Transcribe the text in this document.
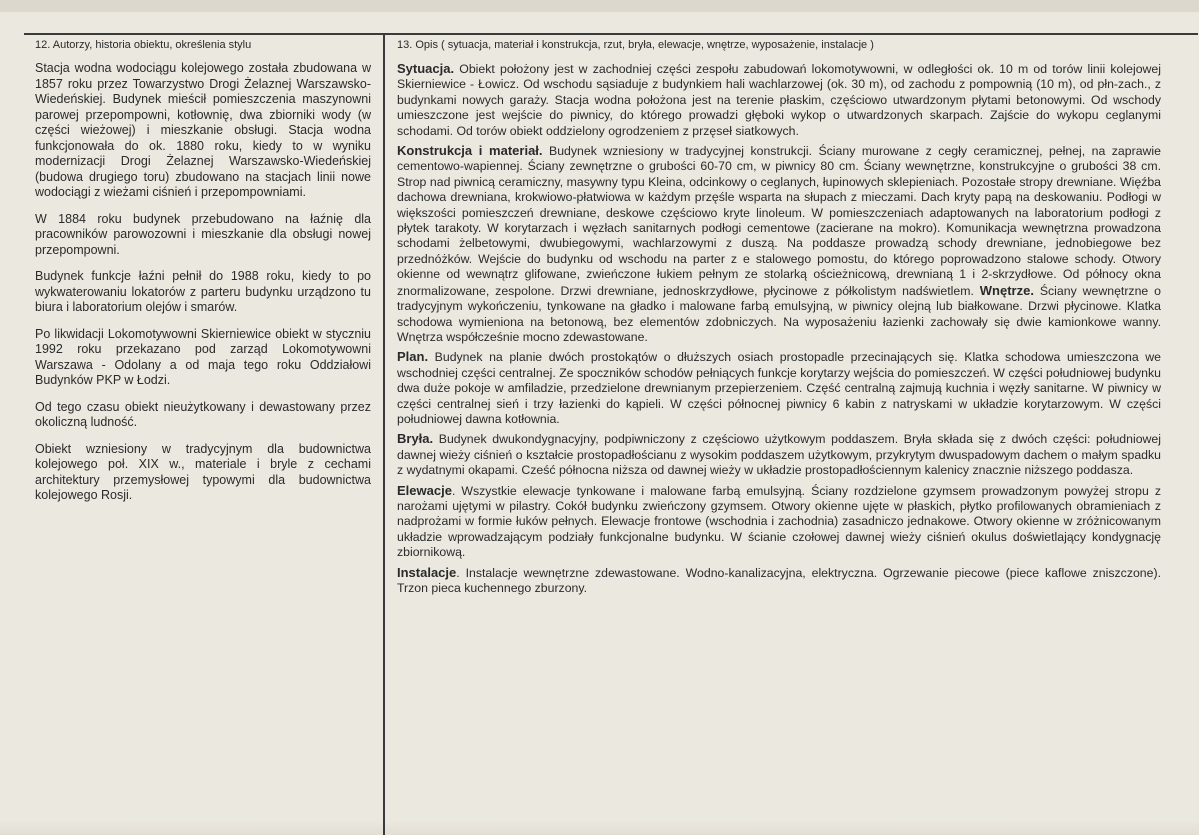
12. Autorzy, historia obiektu, określenia stylu

Stacja wodna wodociągu kolejowego została zbudowana w 1857 roku przez Towarzystwo Drogi Żelaznej Warszawsko-Wiedeńskiej. Budynek mieścił pomieszczenia maszynowni parowej przepompowni, kotłownię, dwa zbiorniki wody (w części wieżowej) i mieszkanie obsługi. Stacja wodna funkcjonowała do ok. 1880 roku, kiedy to w wyniku modernizacji Drogi Żelaznej Warszawsko-Wiedeńskiej (budowa drugiego toru) zbudowano na stacjach linii nowe wodociągi z wieżami ciśnień i przepompowniami.

W 1884 roku budynek przebudowano na łaźnię dla pracowników parowozowni i mieszkanie dla obsługi nowej przepompowni.

Budynek funkcje łaźni pełnił do 1988 roku, kiedy to po wykwaterowaniu lokatorów z parteru budynku urządzono tu biura i laboratorium olejów i smarów.

Po likwidacji Lokomotywowni Skierniewice obiekt w styczniu 1992 roku przekazano pod zarząd Lokomotywowni Warszawa - Odolany a od maja tego roku Oddziałowi Budynków PKP w Łodzi.

Od tego czasu obiekt nieużytkowany i dewastowany przez okoliczną ludność.

Obiekt wzniesiony w tradycyjnym dla budownictwa kolejowego poł. XIX w., materiale i bryle z cechami architektury przemysłowej typowymi dla budownictwa kolejowego Rosji.

13. Opis ( sytuacja, materiał i konstrukcja, rzut, bryła, elewacje, wnętrze, wyposażenie, instalacje )

Sytuacja. Obiekt położony jest w zachodniej części zespołu zabudowań lokomotywowni, w odległości ok. 10 m od torów linii kolejowej Skierniewice - Łowicz. Od wschodu sąsiaduje z budynkiem hali wachlarzowej (ok. 30 m), od zachodu z pompownią (10 m), od płn-zach., z budynkami nowych garaży. Stacja wodna położona jest na terenie płaskim, częściowo utwardzonym płytami betonowymi. Od wschody umieszczone jest wejście do piwnicy, do którego prowadzi głęboki wykop o utwardzonych skarpach. Zajście do wykopu ceglanymi schodami. Od torów obiekt oddzielony ogrodzeniem z przęseł siatkowych.

Konstrukcja i materiał. Budynek wzniesiony w tradycyjnej konstrukcji. Ściany murowane z cegły ceramicznej, pełnej, na zaprawie cementowo-wapiennej. Ściany zewnętrzne o grubości 60-70 cm, w piwnicy 80 cm. Ściany wewnętrzne, konstrukcyjne o grubości 38 cm. Strop nad piwnicą ceramiczny, masywny typu Kleina, odcinkowy o ceglanych, łupinowych sklepieniach. Pozostałe stropy drewniane. Więźba dachowa drewniana, krokwiowo-płatwiowa w każdym przęśle wsparta na słupach z mieczami. Dach kryty papą na deskowaniu. Podłogi w większości pomieszczeń drewniane, deskowe częściowo kryte linoleum. W pomieszczeniach adaptowanych na laboratorium podłogi z płytek tarakoty. W korytarzach i węzłach sanitarnych podłogi cementowe (zacierane na mokro). Komunikacja wewnętrzna prowadzona schodami żelbetowymi, dwubiegowymi, wachlarzowymi z duszą. Na poddasze prowadzą schody drewniane, jednobiegowe bez przednóżków. Wejście do budynku od wschodu na parter z e stalowego pomostu, do którego poprowadzono stalowe schody. Otwory okienne od wewnątrz glifowane, zwieńczone łukiem pełnym ze stolarką ościeżnicową, drewnianą 1 i 2-skrzydłowe. Od północy okna znormalizowane, zespolone. Drzwi drewniane, jednoskrzydłowe, płycinowe z półkolistym nadświetlem. Wnętrze. Ściany wewnętrzne o tradycyjnym wykończeniu, tynkowane na gładko i malowane farbą emulsyjną, w piwnicy olejną lub białkowane. Drzwi płycinowe. Klatka schodowa wymieniona na betonową, bez elementów zdobniczych. Na wyposażeniu łazienki zachowały się dwie kamionkowe wanny. Wnętrza współcześnie mocno zdewastowane.

Plan. Budynek na planie dwóch prostokątów o dłuższych osiach prostopadle przecinających się. Klatka schodowa umieszczona we wschodniej części centralnej. Ze spoczników schodów pełniących funkcje korytarzy wejścia do pomieszczeń. W części południowej budynku dwa duże pokoje w amfiladzie, przedzielone drewnianym przepierzeniem. Część centralną zajmują kuchnia i węzły sanitarne. W piwnicy w części centralnej sień i trzy łazienki do kąpieli. W części północnej piwnicy 6 kabin z natryskami w układzie korytarzowym. W części południowej dawna kotłownia.

Bryła. Budynek dwukondygnacyjny, podpiwniczony z częściowo użytkowym poddaszem. Bryła składa się z dwóch części: południowej dawnej wieży ciśnień o kształcie prostopadłościanu z wysokim poddaszem użytkowym, przykrytym dwuspadowym dachem o małym spadku z wydatnymi okapami. Cześć północna niższa od dawnej wieży w układzie prostopadłościennym kalenicy znacznie niższego poddasza.

Elewacje. Wszystkie elewacje tynkowane i malowane farbą emulsyjną. Ściany rozdzielone gzymsem prowadzonym powyżej stropu z narożami ujętymi w pilastry. Cokół budynku zwieńczony gzymsem. Otwory okienne ujęte w płaskich, płytko profilowanych obramieniach z nadprożami w formie łuków pełnych. Elewacje frontowe (wschodnia i zachodnia) zasadniczo jednakowe. Otwory okienne w zróżnicowanym układzie wprowadzającym podziały funkcjonalne budynku. W ścianie czołowej dawnej wieży ciśnień okulus doświetlający kondygnację zbiornikową.

Instalacje. Instalacje wewnętrzne zdewastowane. Wodno-kanalizacyjna, elektryczna. Ogrzewanie piecowe (piece kaflowe zniszczone). Trzon pieca kuchennego zburzony.
